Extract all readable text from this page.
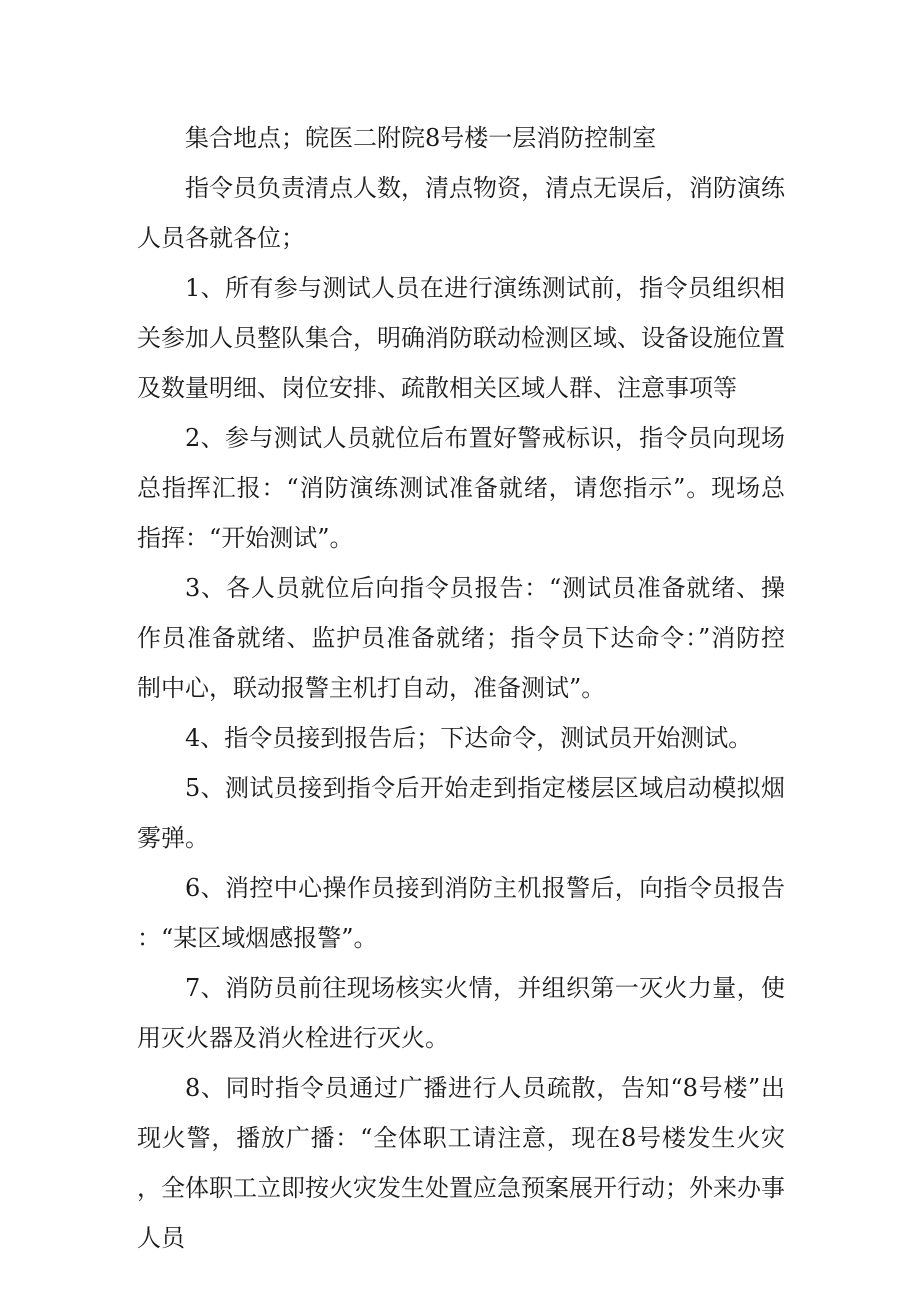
集合地点；皖医二附院8号楼一层消防控制室

指令员负责清点人数，清点物资，清点无误后，消防演练人员各就各位；

1、所有参与测试人员在进行演练测试前，指令员组织相关参加人员整队集合，明确消防联动检测区域、设备设施位置及数量明细、岗位安排、疏散相关区域人群、注意事项等

2、参与测试人员就位后布置好警戒标识，指令员向现场总指挥汇报：“消防演练测试准备就绪，请您指示”。现场总指挥：“开始测试”。

3、各人员就位后向指令员报告：“测试员准备就绪、操作员准备就绪、监护员准备就绪；指令员下达命令：”消防控制中心，联动报警主机打自动，准备测试”。

4、指令员接到报告后；下达命令，测试员开始测试。

5、测试员接到指令后开始走到指定楼层区域启动模拟烟雾弹。

6、消控中心操作员接到消防主机报警后，向指令员报告：“某区域烟感报警”。

7、消防员前往现场核实火情，并组织第一灭火力量，使用灭火器及消火栓进行灭火。

8、同时指令员通过广播进行人员疏散，告知“8号楼”出现火警，播放广播：“全体职工请注意，现在8号楼发生火灾，全体职工立即按火灾发生处置应急预案展开行动；外来办事人员
